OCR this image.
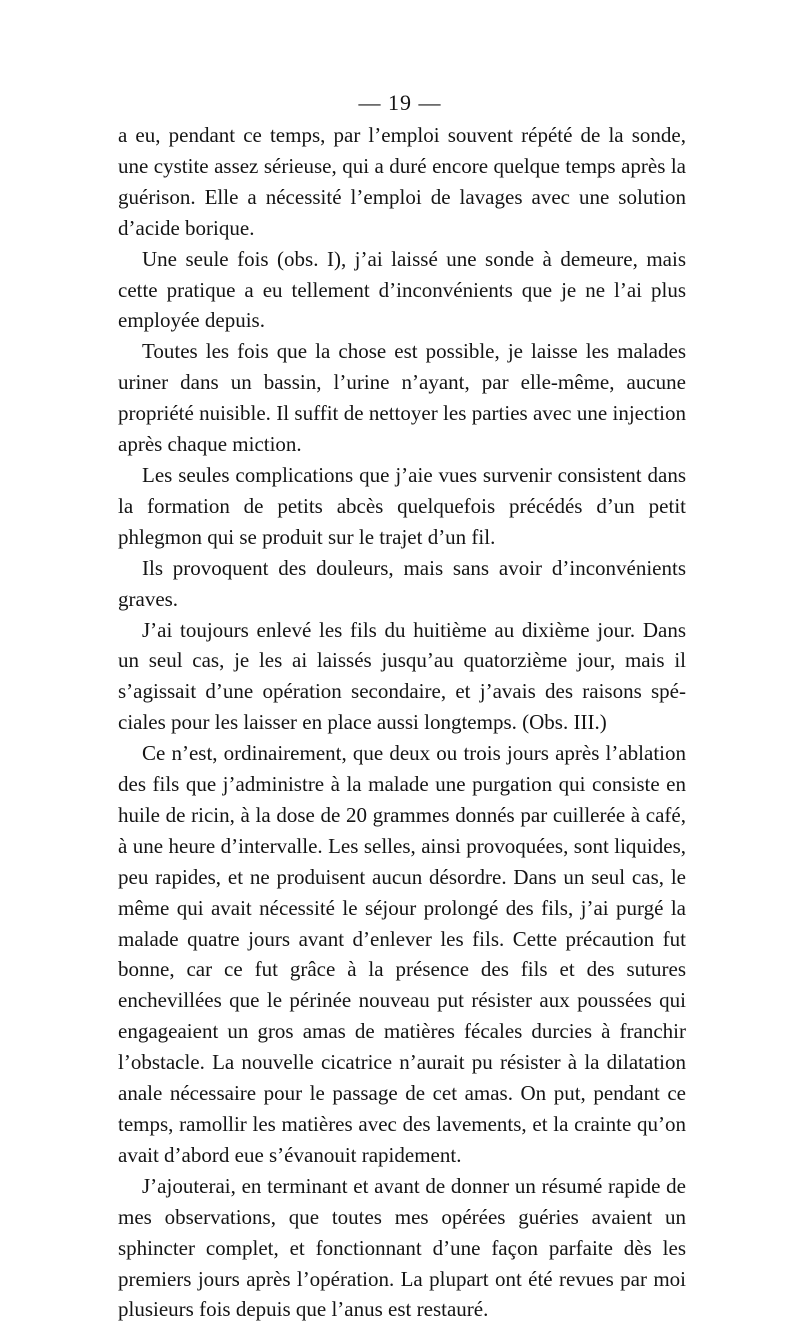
— 19 —

a eu, pendant ce temps, par l’emploi souvent répété de la sonde, une cystite assez sérieuse, qui a duré encore quelque temps après la guérison. Elle a nécessité l’emploi de lavages avec une solution d’acide borique.

Une seule fois (obs. I), j’ai laissé une sonde à demeure, mais cette pratique a eu tellement d’inconvénients que je ne l’ai plus employée depuis.

Toutes les fois que la chose est possible, je laisse les malades uriner dans un bassin, l’urine n’ayant, par elle-même, aucune propriété nuisible. Il suffit de nettoyer les parties avec une injection après chaque miction.

Les seules complications que j’aie vues survenir consistent dans la formation de petits abcès quelquefois précédés d’un petit phlegmon qui se produit sur le trajet d’un fil.

Ils provoquent des douleurs, mais sans avoir d’inconvénients graves.

J’ai toujours enlevé les fils du huitième au dixième jour. Dans un seul cas, je les ai laissés jusqu’au quatorzième jour, mais il s’agissait d’une opération secondaire, et j’avais des raisons spéciales pour les laisser en place aussi longtemps. (Obs. III.)

Ce n’est, ordinairement, que deux ou trois jours après l’ablation des fils que j’administre à la malade une purgation qui consiste en huile de ricin, à la dose de 20 grammes donnés par cuillerée à café, à une heure d’intervalle. Les selles, ainsi provoquées, sont liquides, peu rapides, et ne produisent aucun désordre. Dans un seul cas, le même qui avait nécessité le séjour prolongé des fils, j’ai purgé la malade quatre jours avant d’enlever les fils. Cette précaution fut bonne, car ce fut grâce à la présence des fils et des sutures enchevillées que le périnée nouveau put résister aux poussées qui engageaient un gros amas de matières fécales durcies à franchir l’obstacle. La nouvelle cicatrice n’aurait pu résister à la dilatation anale nécessaire pour le passage de cet amas. On put, pendant ce temps, ramollir les matières avec des lavements, et la crainte qu’on avait d’abord eue s’évanouit rapidement.

J’ajouterai, en terminant et avant de donner un résumé rapide de mes observations, que toutes mes opérées guéries avaient un sphincter complet, et fonctionnant d’une façon parfaite dès les premiers jours après l’opération. La plupart ont été revues par moi plusieurs fois depuis que l’anus est restauré.
